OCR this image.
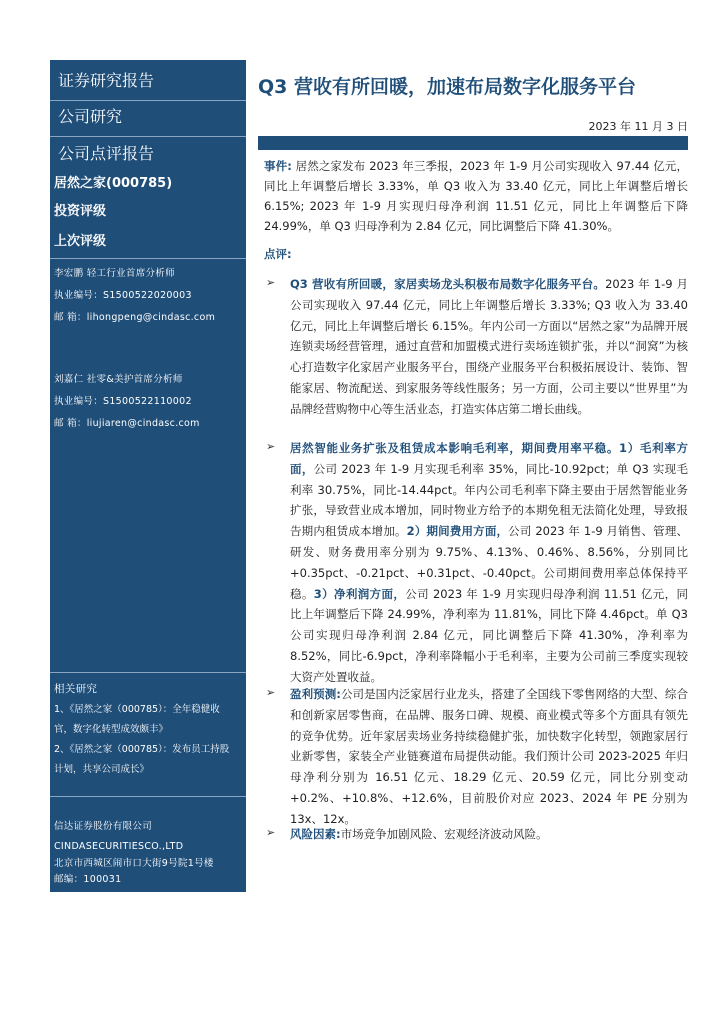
证券研究报告
公司研究
公司点评报告
居然之家(000785)
投资评级
上次评级
李宏鹏 轻工行业首席分析师
执业编号：S1500522020003
邮 箱：lihongpeng@cindasc.com
刘嘉仁 社零&美护首席分析师
执业编号：S1500522110002
邮 箱：liujiaren@cindasc.com
相关研究
1、《居然之家（000785）：全年稳健收官，数字化转型成效颇丰》
2、《居然之家（000785）：发布员工持股计划，共享公司成长》
信达证券股份有限公司
CINDASECURITIESCO.,LTD
北京市西城区闹市口大街9号院1号楼
邮编：100031
Q3 营收有所回暖，加速布局数字化服务平台
2023 年 11 月 3 日
事件: 居然之家发布 2023 年三季报，2023 年 1-9 月公司实现收入 97.44 亿元，同比上年调整后增长 3.33%，单 Q3 收入为 33.40 亿元，同比上年调整后增长 6.15%; 2023 年 1-9 月实现归母净利润 11.51 亿元，同比上年调整后下降 24.99%，单 Q3 归母净利为 2.84 亿元，同比调整后下降 41.30%。
点评:
➢ Q3 营收有所回暖，家居卖场龙头积极布局数字化服务平台。2023 年 1-9 月公司实现收入 97.44 亿元，同比上年调整后增长 3.33%; Q3 收入为 33.40 亿元，同比上年调整后增长 6.15%。年内公司一方面以“居然之家”为品牌开展连锁卖场经营管理，通过直营和加盟模式进行卖场连锁扩张，并以“洞窝”为核心打造数字化家居产业服务平台，围绕产业服务平台积极拓展设计、装饰、智能家居、物流配送、到家服务等线性服务；另一方面，公司主要以“世界里”为品牌经营购物中心等生活业态，打造实体店第二增长曲线。
➢ 居然智能业务扩张及租赁成本影响毛利率，期间费用率平稳。1）毛利率方面，公司 2023 年 1-9 月实现毛利率 35%，同比-10.92pct；单 Q3 实现毛利率 30.75%，同比-14.44pct。年内公司毛利率下降主要由于居然智能业务扩张，导致营业成本增加，同时物业方给予的本期免租无法简化处理，导致报告期内租赁成本增加。2）期间费用方面，公司 2023 年 1-9 月销售、管理、研发、财务费用率分别为 9.75%、4.13%、0.46%、8.56%，分别同比+0.35pct、-0.21pct、+0.31pct、-0.40pct。公司期间费用率总体保持平稳。3）净利润方面，公司 2023 年 1-9 月实现归母净利润 11.51 亿元，同比上年调整后下降 24.99%，净利率为 11.81%，同比下降 4.46pct。单 Q3 公司实现归母净利润 2.84 亿元，同比调整后下降 41.30%，净利率为 8.52%，同比-6.9pct，净利率降幅小于毛利率，主要为公司前三季度实现较大资产处置收益。
➢ 盈利预测:公司是国内泛家居行业龙头，搭建了全国线下零售网络的大型、综合和创新家居零售商，在品牌、服务口碑、规模、商业模式等多个方面具有领先的竞争优势。近年家居卖场业务持续稳健扩张，加快数字化转型，领跑家居行业新零售，家装全产业链赛道布局提供动能。我们预计公司 2023-2025 年归母净利分别为 16.51 亿元、18.29 亿元、20.59 亿元，同比分别变动+0.2%、+10.8%、+12.6%，目前股价对应 2023、2024 年 PE 分别为 13x、12x。
➢ 风险因素:市场竞争加剧风险、宏观经济波动风险。
